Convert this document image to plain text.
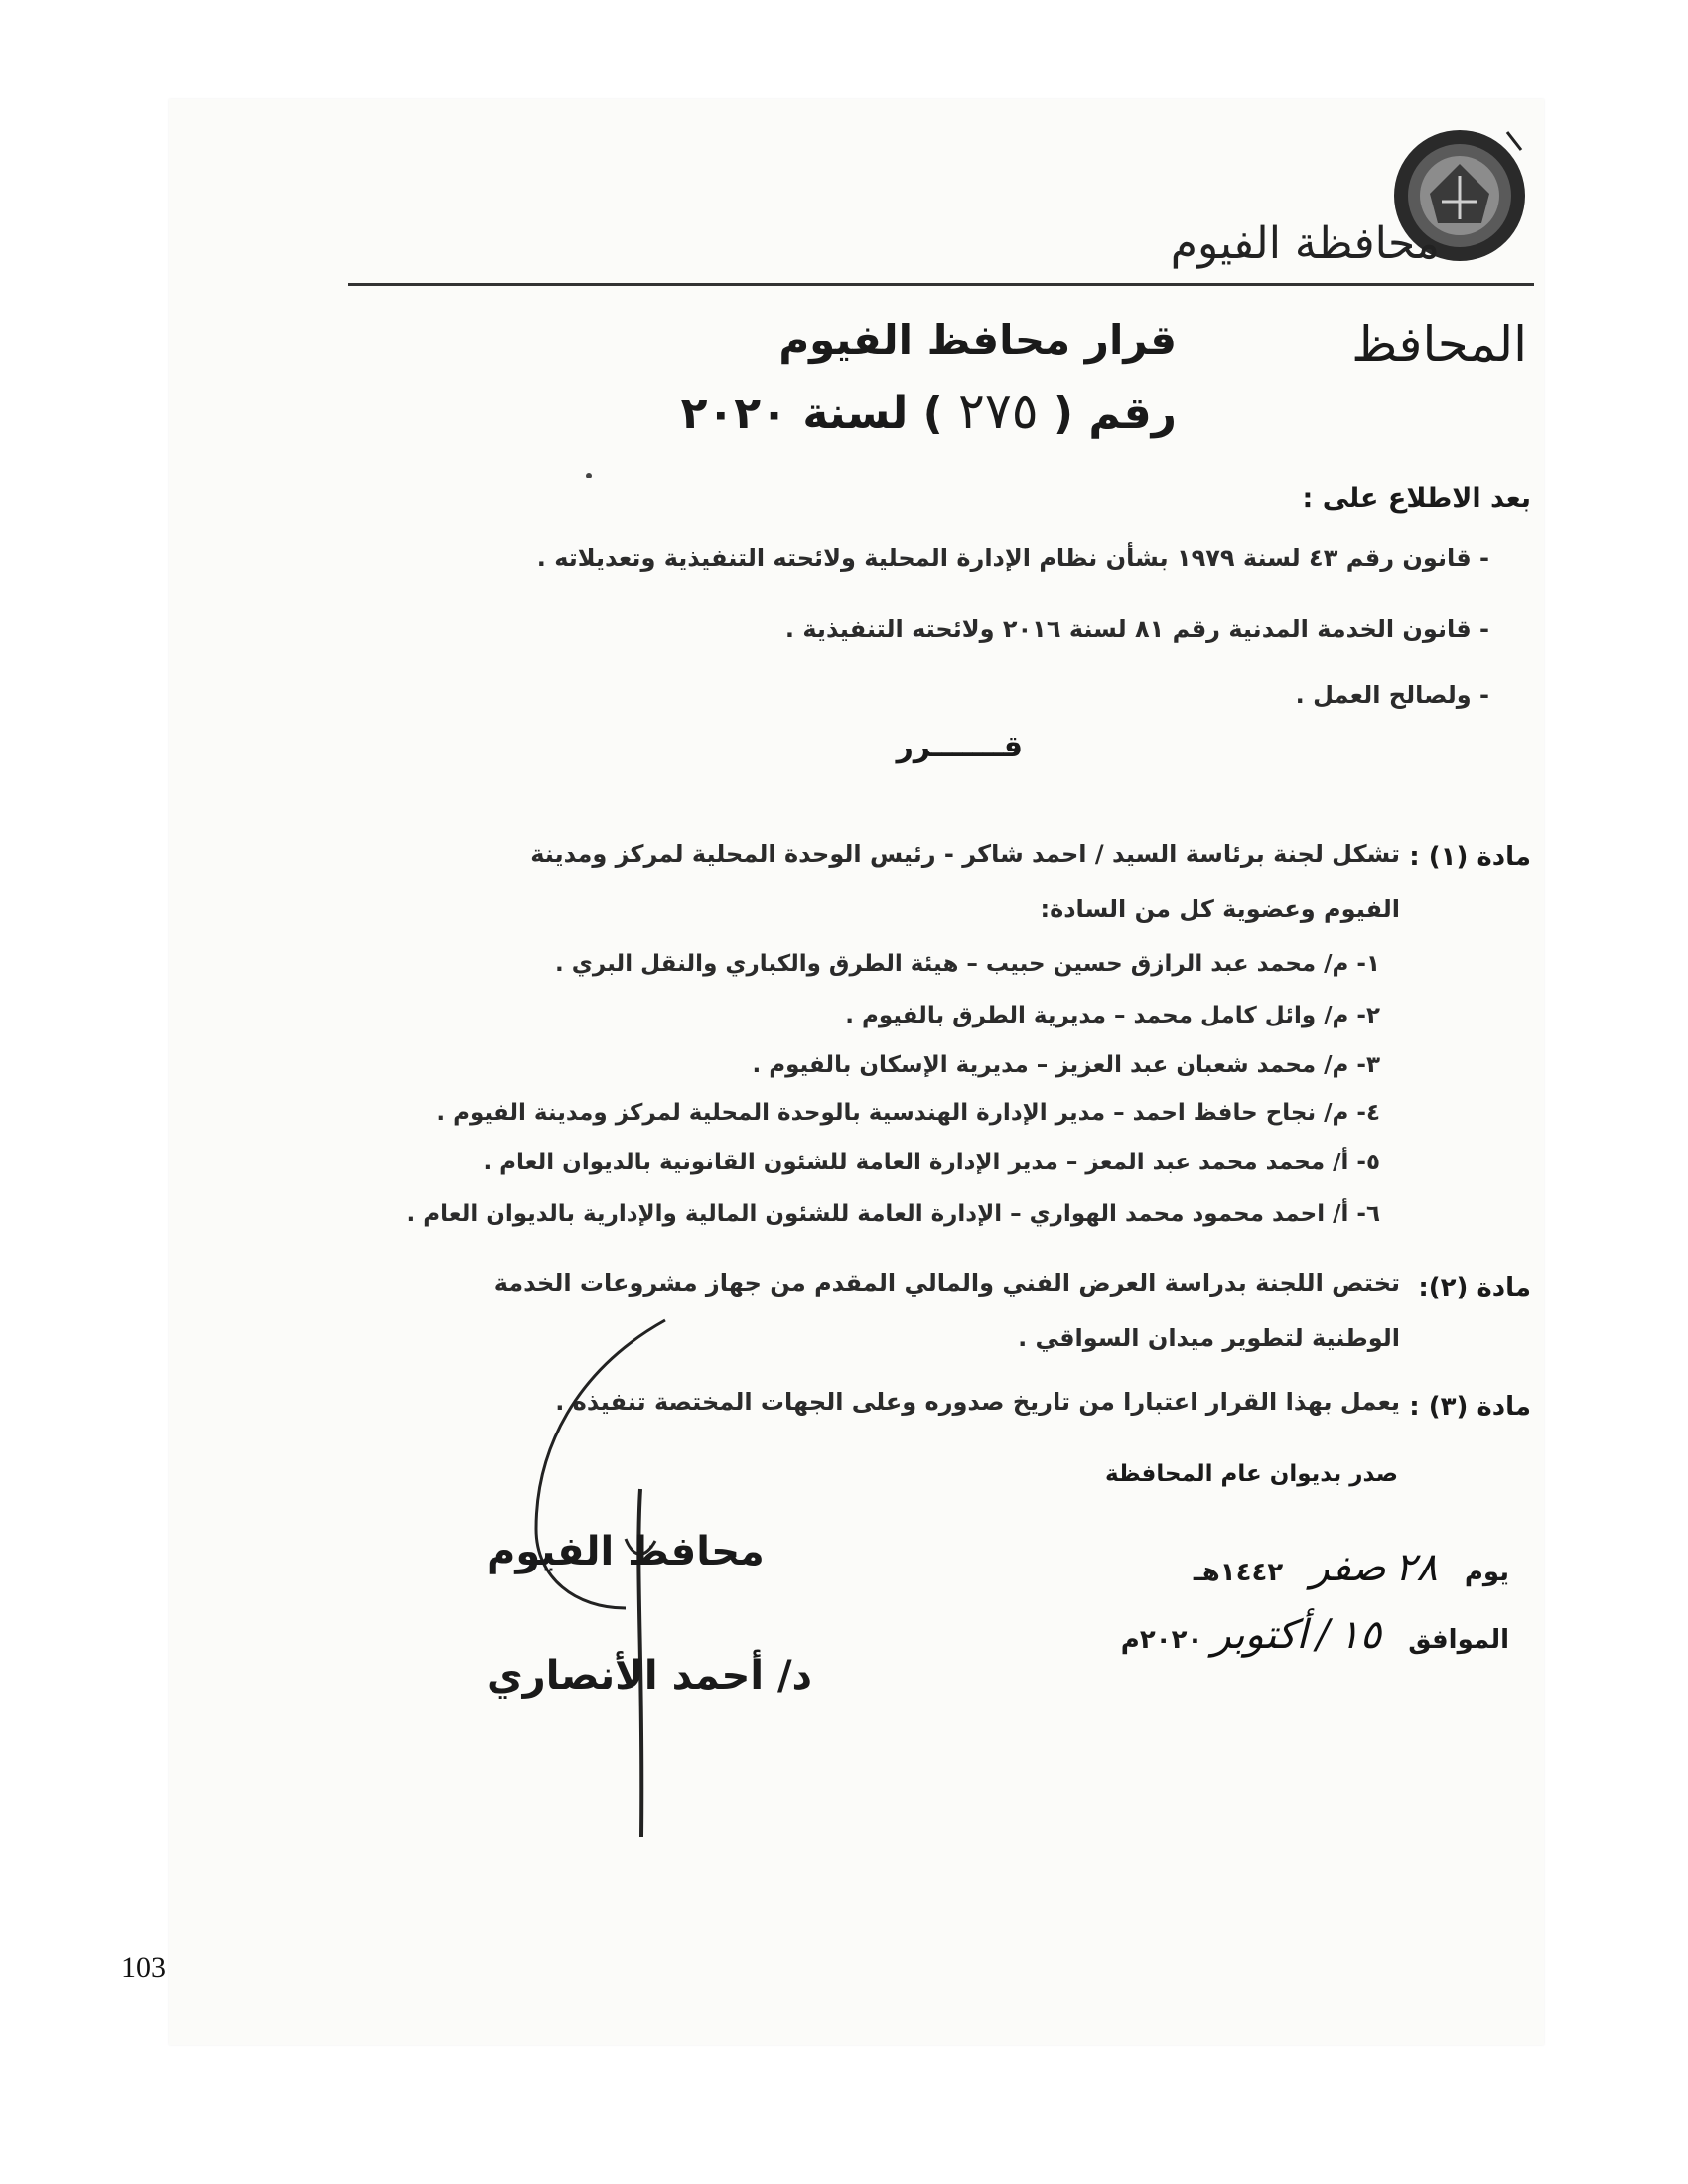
محافظة الفيوم
المحافظ
قرار محافظ الفيوم
رقم ( ٢٧٥ ) لسنة ٢٠٢٠
بعد الاطلاع على :
- قانون رقم ٤٣ لسنة ١٩٧٩ بشأن نظام الإدارة المحلية ولائحته التنفيذية وتعديلاته .
- قانون الخدمة المدنية رقم ٨١ لسنة ٢٠١٦ ولائحته التنفيذية .
- ولصالح العمل .
قـــــــرر
مادة (١) :
تشكل لجنة برئاسة السيد / احمد شاكر - رئيس الوحدة المحلية لمركز ومدينة
الفيوم وعضوية كل من السادة:
١- م/ محمد عبد الرازق حسين حبيب – هيئة الطرق والكباري والنقل البري .
٢- م/ وائل كامل محمد – مديرية الطرق بالفيوم .
٣- م/ محمد شعبان عبد العزيز – مديرية الإسكان بالفيوم .
٤- م/ نجاح حافظ احمد – مدير الإدارة الهندسية بالوحدة المحلية لمركز ومدينة الفيوم .
٥- أ/ محمد محمد عبد المعز – مدير الإدارة العامة للشئون القانونية بالديوان العام .
٦- أ/ احمد محمود محمد الهواري – الإدارة العامة للشئون المالية والإدارية بالديوان العام .
مادة (٢):
تختص اللجنة بدراسة العرض الفني والمالي المقدم من جهاز مشروعات الخدمة
الوطنية لتطوير ميدان السواقي .
مادة (٣) :
يعمل بهذا القرار اعتبارا من تاريخ صدوره وعلى الجهات المختصة تنفيذه .
صدر بديوان عام المحافظة
يوم   ٢٨ صفر   ١٤٤٢هـ
الموافق   ١٥ / أكتوبر ٢٠٢٠م
محافظ الفيوم
د/ أحمد الأنصاري
103
